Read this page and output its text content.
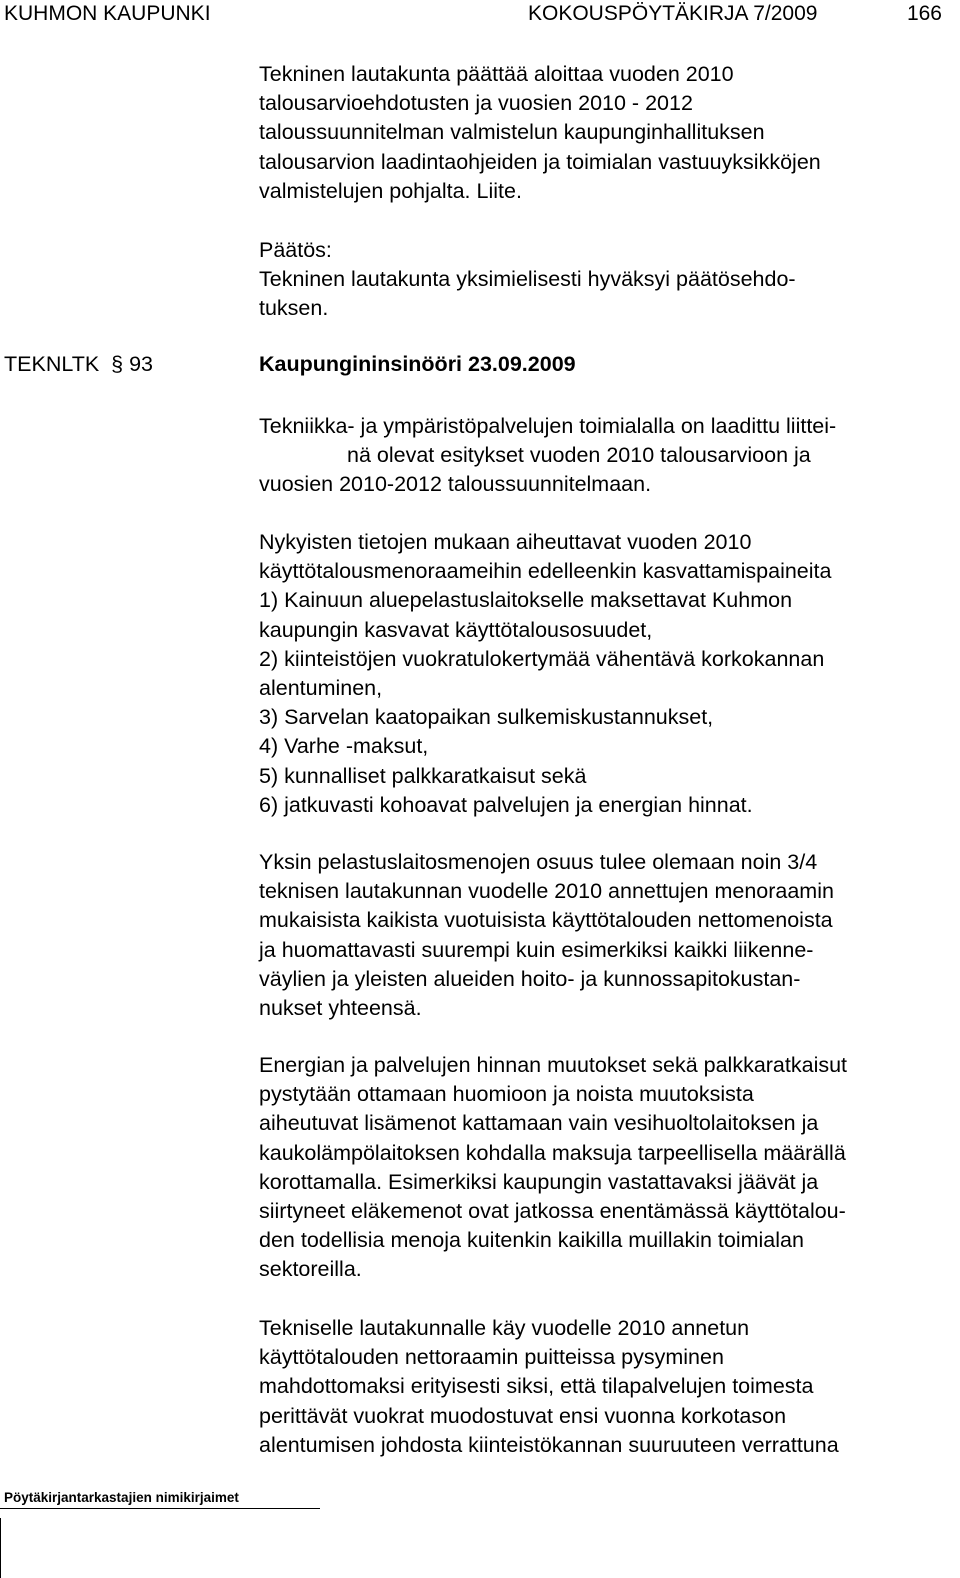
KUHMON KAUPUNKI	KOKOUSPÖYTÄKIRJA 7/2009	166
Tekninen lautakunta päättää aloittaa vuoden 2010
talousarvioehdotusten ja vuosien 2010 - 2012
taloussuunnitelman valmistelun kaupunginhallituksen
talousarvion laadintaohjeiden ja toimialan vastuuyksikköjen
valmistelujen pohjalta. Liite.
Päätös:
Tekninen lautakunta yksimielisesti hyväksyi päätösehdo-
tuksen.
TEKNLTK § 93	Kaupungininsinööri 23.09.2009
Tekniikka- ja ympäristöpalvelujen toimialalla on laadittu liittei-
nä olevat esitykset vuoden 2010 talousarvioon ja
vuosien 2010-2012 taloussuunnitelmaan.
Nykyisten tietojen mukaan aiheuttavat vuoden 2010
käyttötalousmenoraameihin edelleenkin kasvattamispaineita
1) Kainuun aluepelastuslaitokselle maksettavat Kuhmon
kaupungin kasvavat käyttötalousosuudet,
2) kiinteistöjen vuokratulokertymää vähentävä korkokannan
alentuminen,
3) Sarvelan kaatopaikan sulkemiskustannukset,
4) Varhe -maksut,
5) kunnalliset palkkaratkaisut sekä
6) jatkuvasti kohoavat palvelujen ja energian hinnat.
Yksin pelastuslaitosmenojen osuus tulee olemaan noin 3/4
teknisen lautakunnan vuodelle 2010 annettujen menoraamin
mukaisista kaikista vuotuisista käyttötalouden nettomenoista
ja huomattavasti suurempi kuin esimerkiksi kaikki liikenne-
väylien ja yleisten alueiden hoito- ja kunnossapitokustan-
nukset yhteensä.
Energian ja palvelujen hinnan muutokset sekä palkkaratkaisut
pystytään ottamaan huomioon ja noista muutoksista
aiheutuvat lisämenot kattamaan vain vesihuoltolaitoksen ja
kaukolämpölaitoksen kohdalla maksuja tarpeellisella määrällä
korottamalla. Esimerkiksi kaupungin vastattavaksi jäävät ja
siirtyneet eläkemenot ovat jatkossa enentämässä käyttötalou-
den todellisia menoja kuitenkin kaikilla muillakin toimialan
sektoreilla.
Tekniselle lautakunnalle käy vuodelle 2010 annetun
käyttötalouden nettoraamin puitteissa pysyminen
mahdottomaksi erityisesti siksi, että tilapalvelujen toimesta
perittävät vuokrat muodostuvat ensi vuonna korkotason
alentumisen johdosta kiinteistökannan suuruuteen verrattuna
Pöytäkirjantarkastajien nimikirjaimet
